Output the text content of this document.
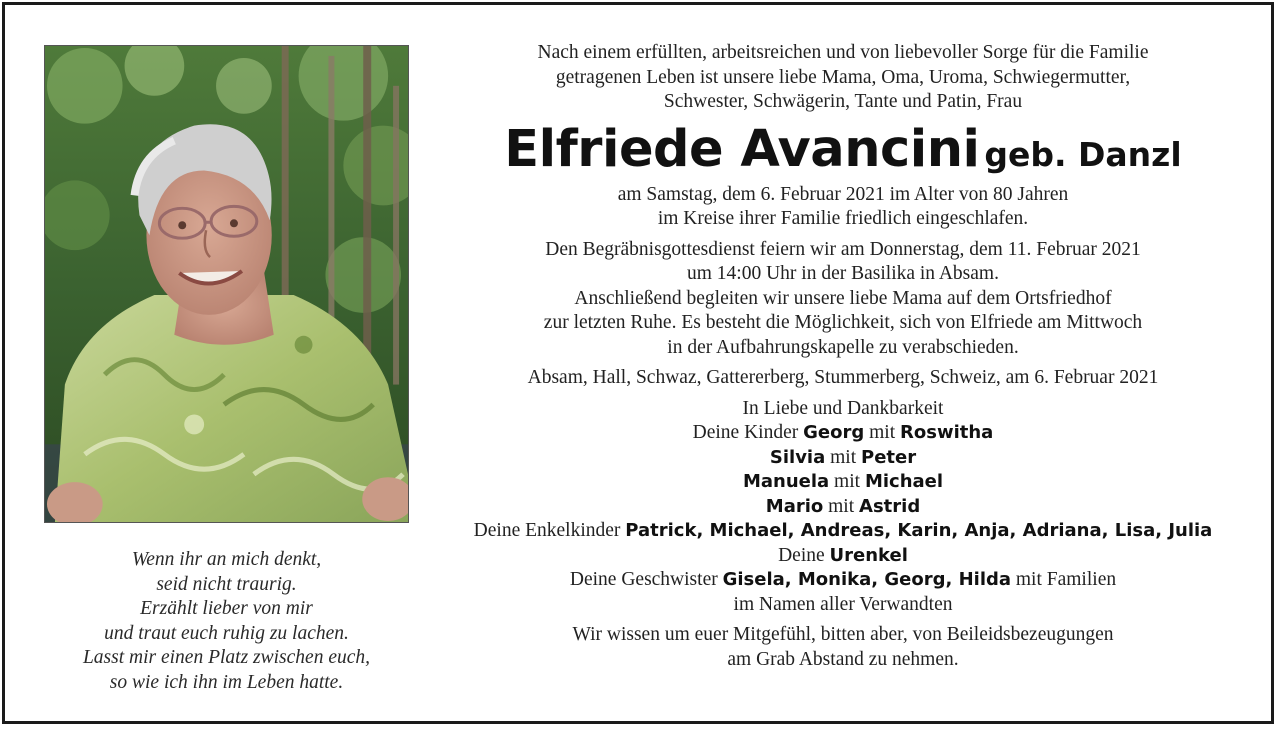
Wenn ihr an mich denkt,
seid nicht traurig.
Erzählt lieber von mir
und traut euch ruhig zu lachen.
Lasst mir einen Platz zwischen euch,
so wie ich ihn im Leben hatte.
Nach einem erfüllten, arbeitsreichen und von liebevoller Sorge für die Familie
getragenen Leben ist unsere liebe Mama, Oma, Uroma, Schwiegermutter,
Schwester, Schwägerin, Tante und Patin, Frau
Elfriede Avancini geb. Danzl
am Samstag, dem 6. Februar 2021 im Alter von 80 Jahren
im Kreise ihrer Familie friedlich eingeschlafen.
Den Begräbnisgottesdienst feiern wir am Donnerstag, dem 11. Februar 2021
um 14:00 Uhr in der Basilika in Absam.
Anschließend begleiten wir unsere liebe Mama auf dem Ortsfriedhof
zur letzten Ruhe. Es besteht die Möglichkeit, sich von Elfriede am Mittwoch
in der Aufbahrungskapelle zu verabschieden.
Absam, Hall, Schwaz, Gattererberg, Stummerberg, Schweiz, am 6. Februar 2021
In Liebe und Dankbarkeit
Deine Kinder Georg mit Roswitha
Silvia mit Peter
Manuela mit Michael
Mario mit Astrid
Deine Enkelkinder Patrick, Michael, Andreas, Karin, Anja, Adriana, Lisa, Julia
Deine Urenkel
Deine Geschwister Gisela, Monika, Georg, Hilda mit Familien
im Namen aller Verwandten
Wir wissen um euer Mitgefühl, bitten aber, von Beileidsbezeugungen
am Grab Abstand zu nehmen.
